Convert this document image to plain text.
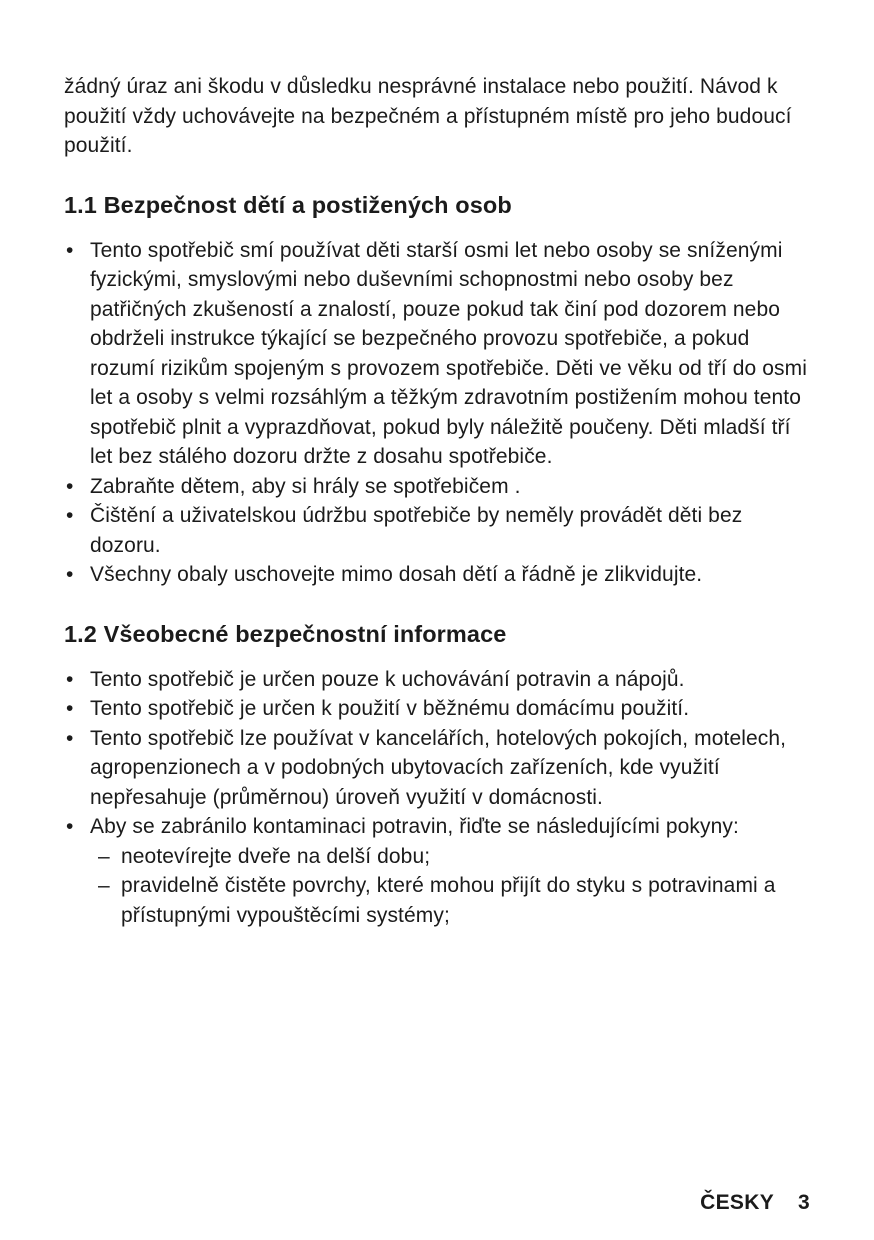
žádný úraz ani škodu v důsledku nesprávné instalace nebo použití. Návod k použití vždy uchovávejte na bezpečném a přístupném místě pro jeho budoucí použití.

1.1 Bezpečnost dětí a postižených osob
• Tento spotřebič smí používat děti starší osmi let nebo osoby se sníženými fyzickými, smyslovými nebo duševními schopnostmi nebo osoby bez patřičných zkušeností a znalostí, pouze pokud tak činí pod dozorem nebo obdrželi instrukce týkající se bezpečného provozu spotřebiče, a pokud rozumí rizikům spojeným s provozem spotřebiče. Děti ve věku od tří do osmi let a osoby s velmi rozsáhlým a těžkým zdravotním postižením mohou tento spotřebič plnit a vyprazdňovat, pokud byly náležitě poučeny. Děti mladší tří let bez stálého dozoru držte z dosahu spotřebiče.
• Zabraňte dětem, aby si hrály se spotřebičem .
• Čištění a uživatelskou údržbu spotřebiče by neměly provádět děti bez dozoru.
• Všechny obaly uschovejte mimo dosah dětí a řádně je zlikvidujte.
1.2 Všeobecné bezpečnostní informace
• Tento spotřebič je určen pouze k uchovávání potravin a nápojů.
• Tento spotřebič je určen k použití v běžnému domácímu použití.
• Tento spotřebič lze používat v kancelářích, hotelových pokojích, motelech, agropenzionech a v podobných ubytovacích zařízeních, kde využití nepřesahuje (průměrnou) úroveň využití v domácnosti.
• Aby se zabránilo kontaminaci potravin, řiďte se následujícími pokyny:
– neotevírejte dveře na delší dobu;
– pravidelně čistěte povrchy, které mohou přijít do styku s potravinami a přístupnými vypouštěcími systémy;
ČESKY 3
